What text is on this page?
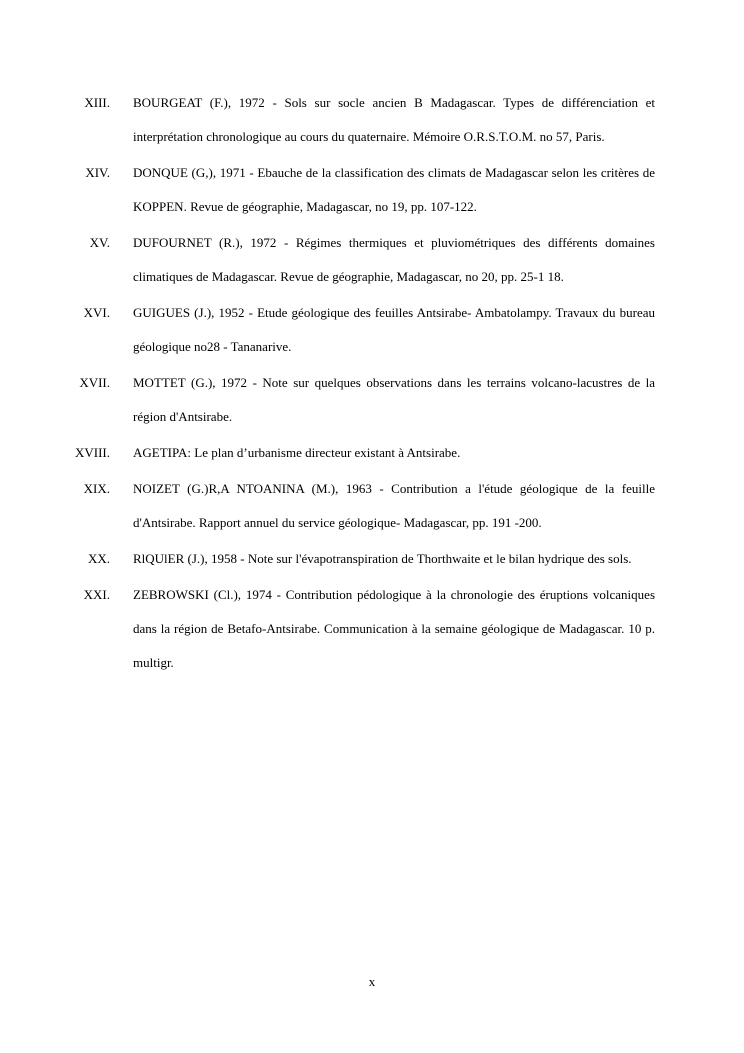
XIII. BOURGEAT (F.), 1972 - Sols sur socle ancien B Madagascar. Types de différenciation et interprétation chronologique au cours du quaternaire. Mémoire O.R.S.T.O.M. no 57, Paris.
XIV. DONQUE (G,), 1971 - Ebauche de la classification des climats de Madagascar selon les critères de KOPPEN. Revue de géographie, Madagascar, no 19, pp. 107-122.
XV. DUFOURNET (R.), 1972 - Régimes thermiques et pluviométriques des différents domaines climatiques de Madagascar. Revue de géographie, Madagascar, no 20, pp. 25-1 18.
XVI. GUIGUES (J.), 1952 - Etude géologique des feuilles Antsirabe- Ambatolampy. Travaux du bureau géologique no28 - Tananarive.
XVII. MOTTET (G.), 1972 - Note sur quelques observations dans les terrains volcano-lacustres de la région d'Antsirabe.
XVIII. AGETIPA: Le plan d’urbanisme directeur existant à Antsirabe.
XIX. NOIZET (G.)R,A NTOANINA (M.), 1963 - Contribution a l'étude géologique de la feuille d'Antsirabe. Rapport annuel du service géologique- Madagascar, pp. 191 -200.
XX. RlQUlER (J.), 1958 - Note sur l'évapotranspiration de Thorthwaite et le bilan hydrique des sols.
XXI. ZEBROWSKI (Cl.), 1974 - Contribution pédologique à la chronologie des éruptions volcaniques dans la région de Betafo-Antsirabe. Communication à la semaine géologique de Madagascar. 10 p. multigr.
x
